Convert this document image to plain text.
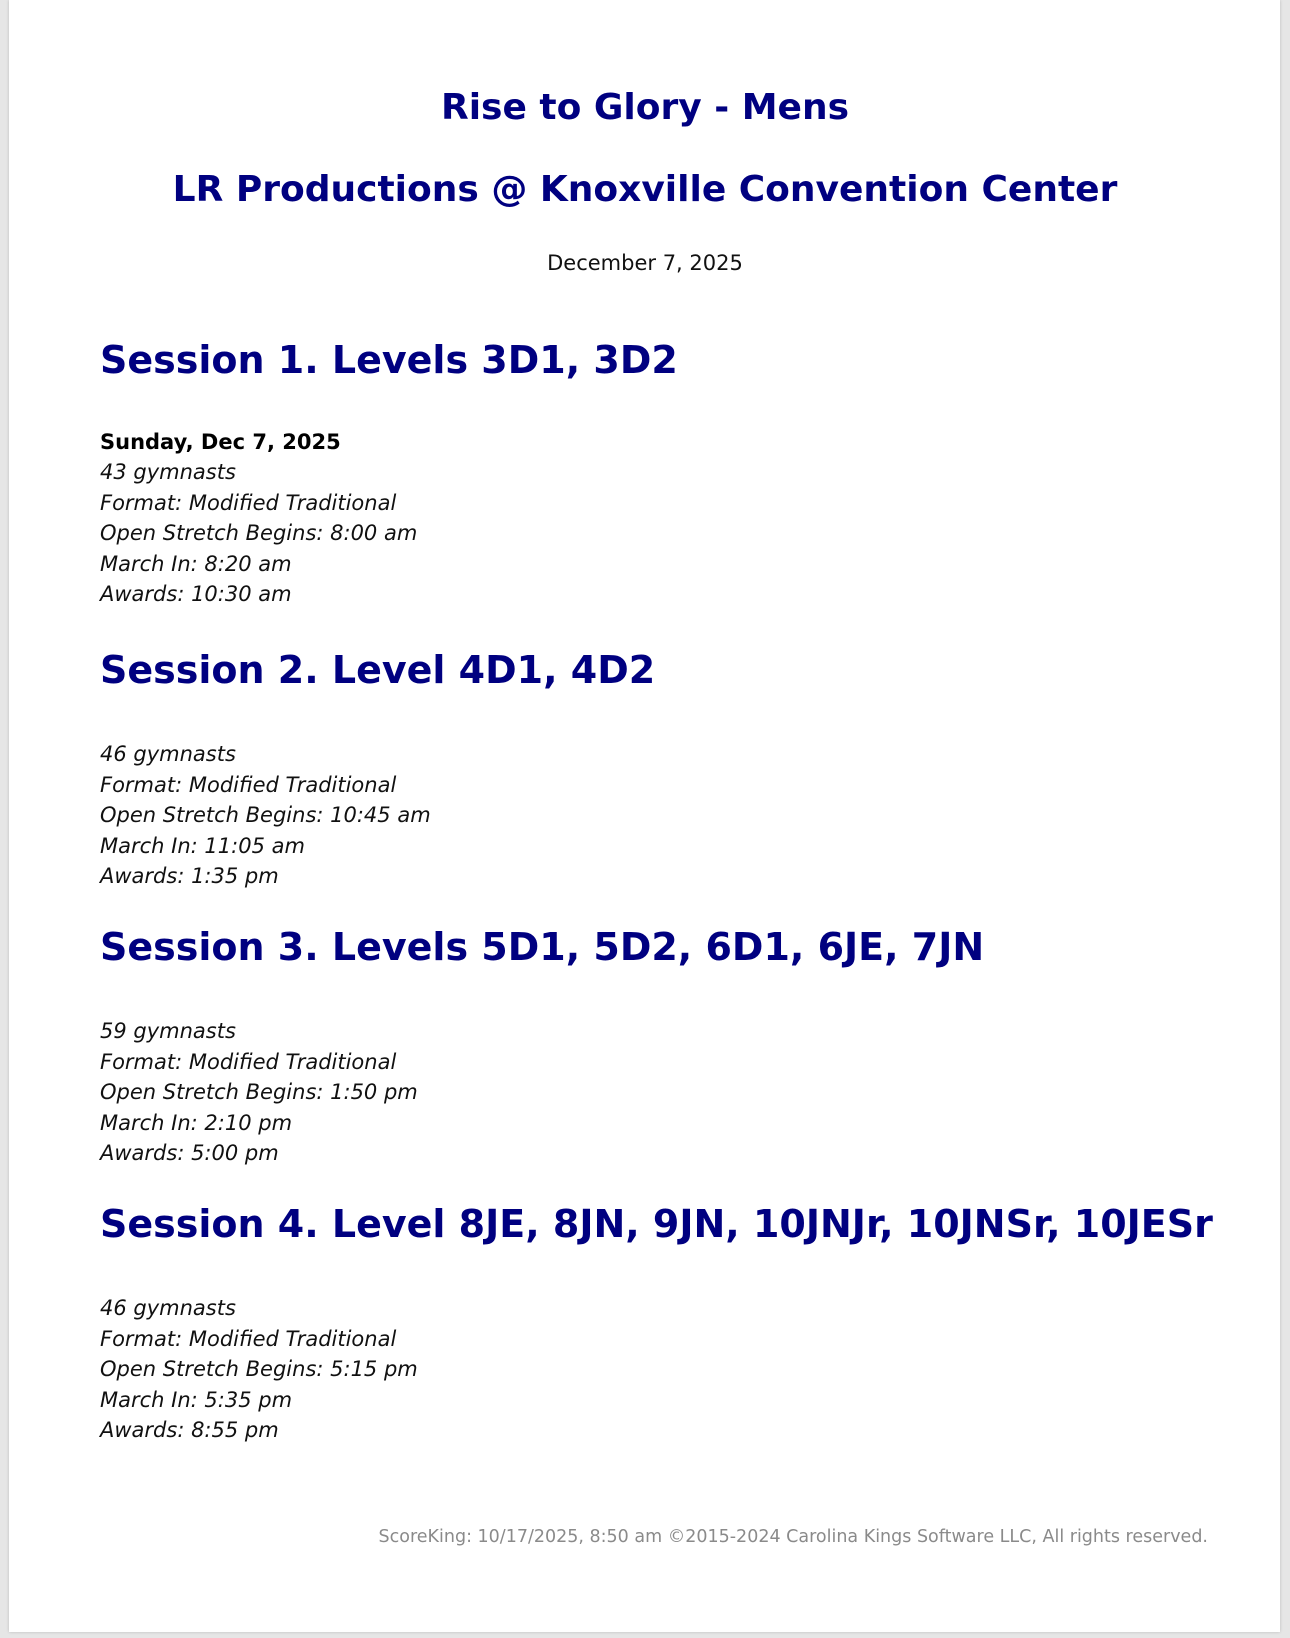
Rise to Glory - Mens
LR Productions @ Knoxville Convention Center
December 7, 2025
Session 1. Levels 3D1, 3D2
Sunday, Dec 7, 2025
43 gymnasts
Format: Modified Traditional
Open Stretch Begins: 8:00 am
March In: 8:20 am
Awards: 10:30 am
Session 2. Level 4D1, 4D2
46 gymnasts
Format: Modified Traditional
Open Stretch Begins: 10:45 am
March In: 11:05 am
Awards: 1:35 pm
Session 3. Levels 5D1, 5D2, 6D1, 6JE, 7JN
59 gymnasts
Format: Modified Traditional
Open Stretch Begins: 1:50 pm
March In: 2:10 pm
Awards: 5:00 pm
Session 4. Level 8JE, 8JN, 9JN, 10JNJr, 10JNSr, 10JESr
46 gymnasts
Format: Modified Traditional
Open Stretch Begins: 5:15 pm
March In: 5:35 pm
Awards: 8:55 pm
ScoreKing: 10/17/2025, 8:50 am ©2015-2024 Carolina Kings Software LLC, All rights reserved.
